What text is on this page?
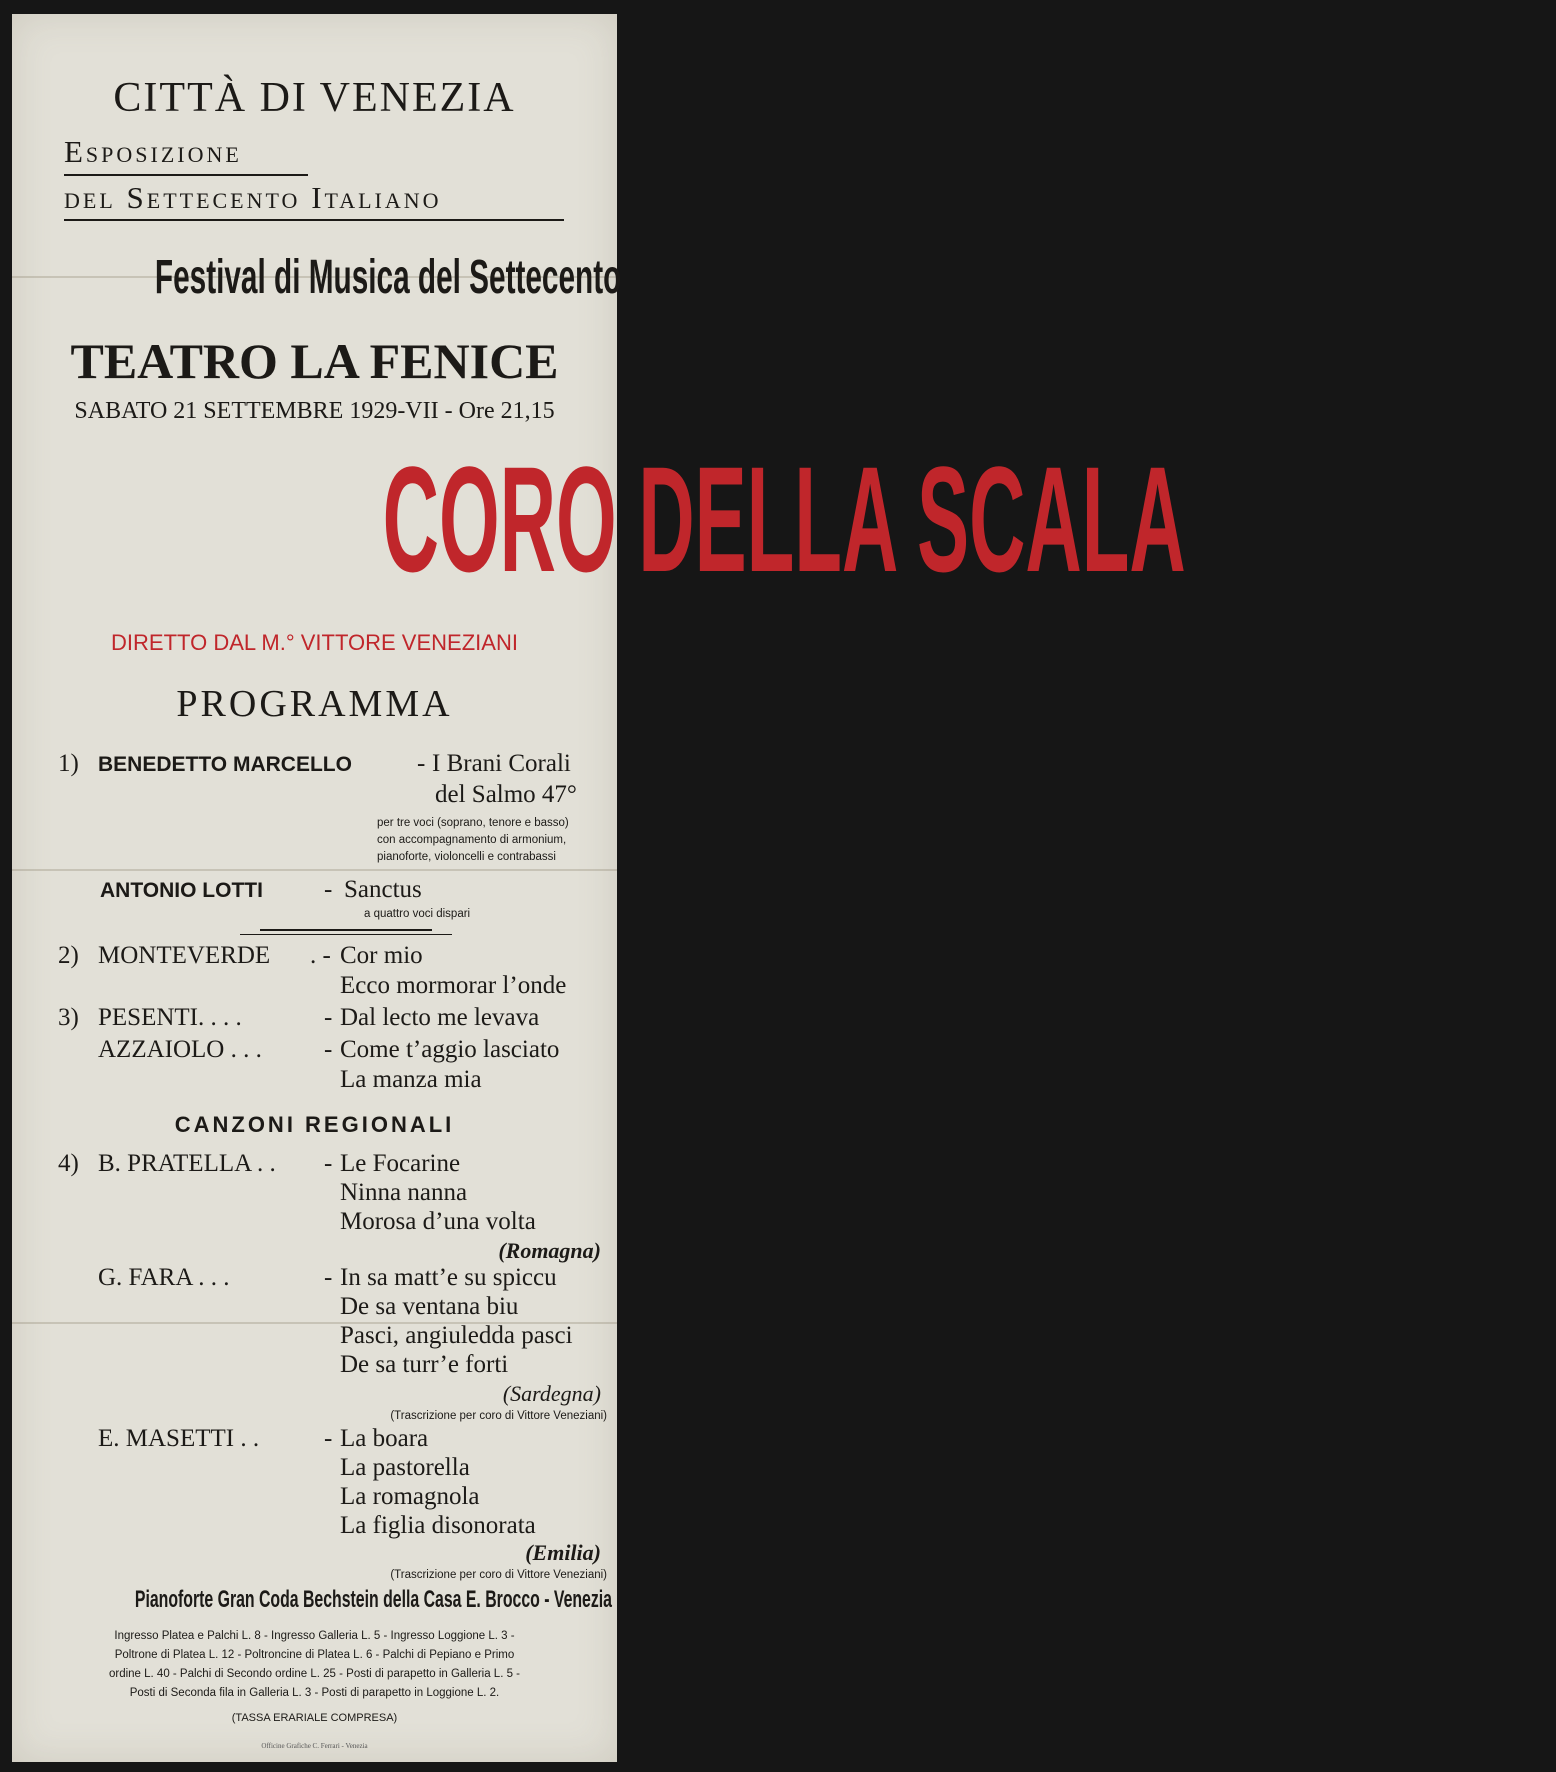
CITTÀ DI VENEZIA
Esposizione
del Settecento Italiano
Festival di Musica del Settecento
TEATRO LA FENICE
SABATO 21 SETTEMBRE 1929-VII - Ore 21,15
CORO DELLA SCALA
DIRETTO DAL M.° VITTORE VENEZIANI
PROGRAMMA
1) BENEDETTO MARCELLO	- I Brani Corali
del Salmo 47°
per tre voci (soprano, tenore e basso)
con accompagnamento di armonium,
pianoforte, violoncelli e contrabassi
ANTONIO LOTTI - Sanctus
a quattro voci dispari
2) MONTEVERDE . - Cor mio
Ecco mormorar l’onde
3) PESENTI. . . .	- Dal lecto me levava
AZZAIOLO . . . - Come t’aggio lasciato
La manza mia
CANZONI REGIONALI
4) B. PRATELLA . . - Le Focarine
Ninna nanna
Morosa d’una volta
(Romagna)
G. FARA . . .	- In sa matt’e su spiccu
De sa ventana biu
Pasci, angiuledda pasci
De sa turr’e forti
(Sardegna)
(Trascrizione per coro di Vittore Veneziani)
E. MASETTI . .	- La boara
La pastorella
La romagnola
La figlia disonorata
(Emilia)
(Trascrizione per coro di Vittore Veneziani)
Pianoforte Gran Coda Bechstein della Casa E. Brocco - Venezia
Ingresso Platea e Palchi L. 8 - Ingresso Galleria L. 5 - Ingresso Loggione L. 3 -
Poltrone di Platea L. 12 - Poltroncine di Platea L. 6 - Palchi di Pepiano e Primo
ordine L. 40 - Palchi di Secondo ordine L. 25 - Posti di parapetto in Galleria L. 5 -
Posti di Seconda fila in Galleria L. 3 - Posti di parapetto in Loggione L. 2.
(TASSA ERARIALE COMPRESA)
Officine Grafiche C. Ferrari - Venezia
